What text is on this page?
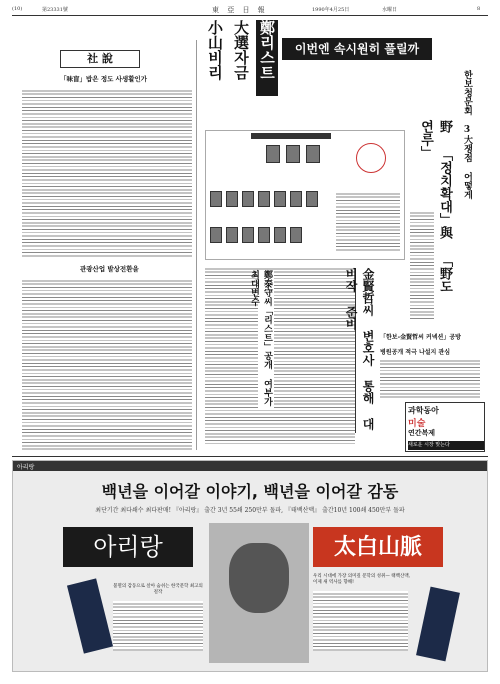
(10)	第23331號	東 亞 日 報	1990年4月25日	水曜日	8
社 說
「味盲」밥은 정도 사생활인가
관광산업 발상전환을
鄭리스트
大選자금
小山비리	이번엔 속시원히 풀릴까
한보청문회 3大쟁점 어떻게
野 「정치확대」與 「野도 연루」
金賢哲씨 변호사 통해 대비작 준비
鄭泰守씨「리스트」공개 여부가 최대변수
「한보-金賢哲씨 커넥션」공방
병원공개 적극 나설지 관심
과학동아
미술
연간복제
새로운 시장 맞는다
아리랑
백년을 이어갈 이야기, 백년을 이어갈 감동
최단기간 최다쇄수 최다판매! 『아리랑』 출간 3년 55쇄 250만부 돌파, 『태백산맥』 출간10년 100쇄 450만부 돌파
아리랑
불멸의 감동으로 살아 숨쉬는 한국문학 최고의 걸작
太白山脈
우리 시대에 가장 의미깊 문학의 성취— 태백산맥, 이제 새 역사를 향해!
